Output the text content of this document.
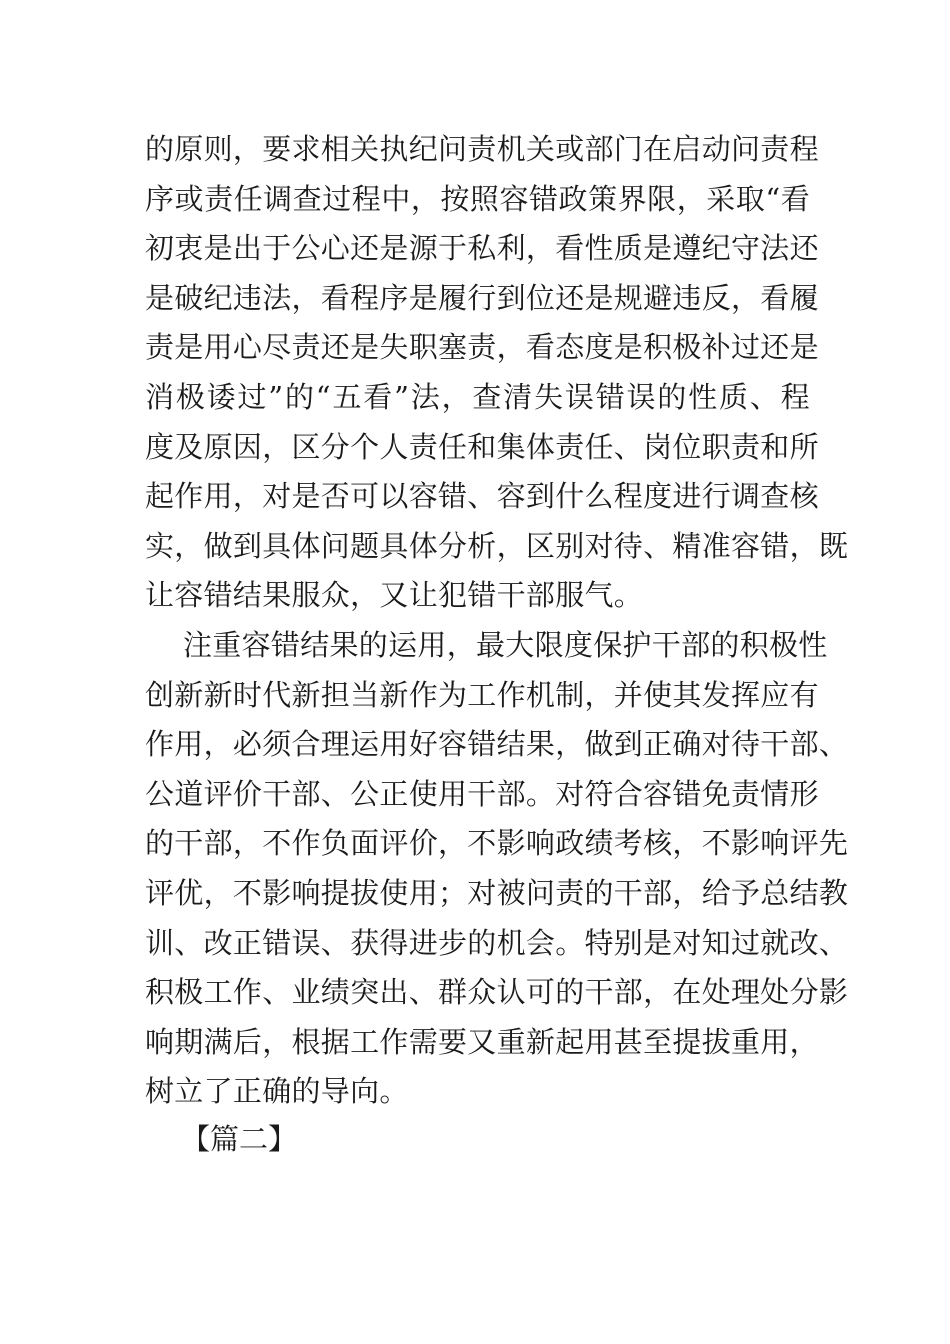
的原则，要求相关执纪问责机关或部门在启动问责程
序或责任调查过程中，按照容错政策界限，采取“看
初衷是出于公心还是源于私利，看性质是遵纪守法还
是破纪违法，看程序是履行到位还是规避违反，看履
责是用心尽责还是失职塞责，看态度是积极补过还是
消极诿过”的“五看”法，查清失误错误的性质、程
度及原因，区分个人责任和集体责任、岗位职责和所
起作用，对是否可以容错、容到什么程度进行调查核
实，做到具体问题具体分析，区别对待、精准容错，既
让容错结果服众，又让犯错干部服气。
注重容错结果的运用，最大限度保护干部的积极性
创新新时代新担当新作为工作机制，并使其发挥应有
作用，必须合理运用好容错结果，做到正确对待干部、
公道评价干部、公正使用干部。对符合容错免责情形
的干部，不作负面评价，不影响政绩考核，不影响评先
评优，不影响提拔使用；对被问责的干部，给予总结教
训、改正错误、获得进步的机会。特别是对知过就改、
积极工作、业绩突出、群众认可的干部，在处理处分影
响期满后，根据工作需要又重新起用甚至提拔重用，
树立了正确的导向。
【篇二】
